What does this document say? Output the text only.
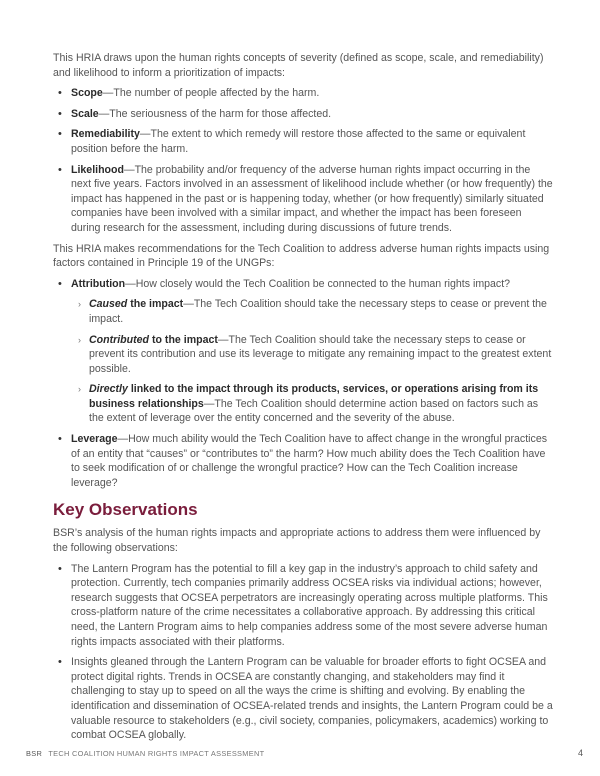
This HRIA draws upon the human rights concepts of severity (defined as scope, scale, and remediability) and likelihood to inform a prioritization of impacts:

• Scope—The number of people affected by the harm.
• Scale—The seriousness of the harm for those affected.
• Remediability—The extent to which remedy will restore those affected to the same or equivalent position before the harm.
• Likelihood—The probability and/or frequency of the adverse human rights impact occurring in the next five years. Factors involved in an assessment of likelihood include whether (or how frequently) the impact has happened in the past or is happening today, whether (or how frequently) similarly situated companies have been involved with a similar impact, and whether the impact has been foreseen during research for the assessment, including during discussions of future trends.

This HRIA makes recommendations for the Tech Coalition to address adverse human rights impacts using factors contained in Principle 19 of the UNGPs:

• Attribution—How closely would the Tech Coalition be connected to the human rights impact?
› Caused the impact—The Tech Coalition should take the necessary steps to cease or prevent the impact.
› Contributed to the impact—The Tech Coalition should take the necessary steps to cease or prevent its contribution and use its leverage to mitigate any remaining impact to the greatest extent possible.
› Directly linked to the impact through its products, services, or operations arising from its business relationships—The Tech Coalition should determine action based on factors such as the extent of leverage over the entity concerned and the severity of the abuse.
• Leverage—How much ability would the Tech Coalition have to affect change in the wrongful practices of an entity that “causes” or “contributes to” the harm? How much ability does the Tech Coalition have to seek modification of or challenge the wrongful practice? How can the Tech Coalition increase leverage?
Key Observations

BSR’s analysis of the human rights impacts and appropriate actions to address them were influenced by the following observations:

• The Lantern Program has the potential to fill a key gap in the industry’s approach to child safety and protection. Currently, tech companies primarily address OCSEA risks via individual actions; however, research suggests that OCSEA perpetrators are increasingly operating across multiple platforms. This cross-platform nature of the crime necessitates a collaborative approach. By addressing this critical need, the Lantern Program aims to help companies address some of the most severe adverse human rights impacts associated with their platforms.
• Insights gleaned through the Lantern Program can be valuable for broader efforts to fight OCSEA and protect digital rights. Trends in OCSEA are constantly changing, and stakeholders may find it challenging to stay up to speed on all the ways the crime is shifting and evolving. By enabling the identification and dissemination of OCSEA-related trends and insights, the Lantern Program could be a valuable resource to stakeholders (e.g., civil society, companies, policymakers, academics) working to combat OCSEA globally.
BSR TECH COALITION HUMAN RIGHTS IMPACT ASSESSMENT	4
